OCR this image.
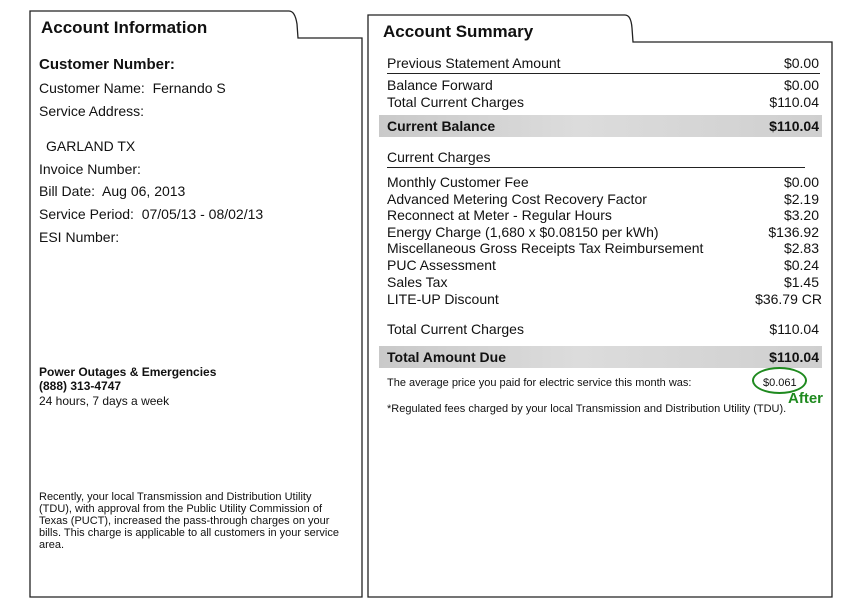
Account Information
Customer Number:
Customer Name: Fernando S
Service Address:
GARLAND TX
Invoice Number:
Bill Date: Aug 06, 2013
Service Period: 07/05/13 - 08/02/13
ESI Number:
Power Outages & Emergencies
(888) 313-4747
24 hours, 7 days a week
Recently, your local Transmission and Distribution Utility (TDU), with approval from the Public Utility Commission of Texas (PUCT), increased the pass-through charges on your bills. This charge is applicable to all customers in your service area.
Account Summary
Previous Statement Amount	$0.00
Balance Forward	$0.00
Total Current Charges	$110.04
Current Balance	$110.04
Current Charges
Monthly Customer Fee	$0.00
Advanced Metering Cost Recovery Factor	$2.19
Reconnect at Meter - Regular Hours	$3.20
Energy Charge (1,680 x $0.08150 per kWh)	$136.92
Miscellaneous Gross Receipts Tax Reimbursement	$2.83
PUC Assessment	$0.24
Sales Tax	$1.45
LITE-UP Discount	$36.79 CR
Total Current Charges	$110.04
Total Amount Due	$110.04
The average price you paid for electric service this month was:	$0.061
After
*Regulated fees charged by your local Transmission and Distribution Utility (TDU).
